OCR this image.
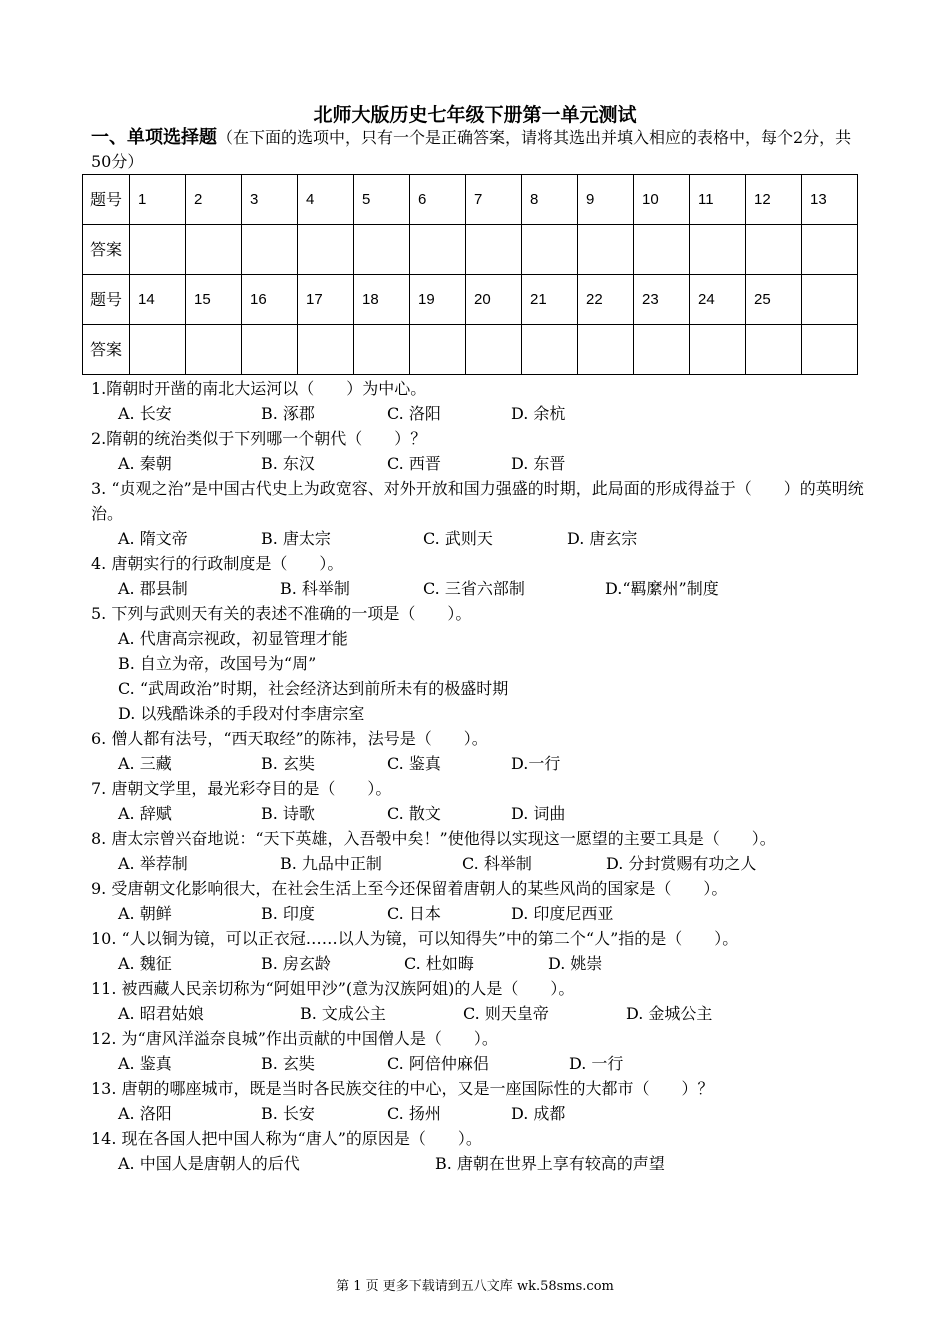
北师大版历史七年级下册第一单元测试
一、单项选择题（在下面的选项中，只有一个是正确答案，请将其选出并填入相应的表格中，每个2分，共50分）
题号	1	2	3	4	5	6	7	8	9	10	11	12	13
答案													
题号	14	15	16	17	18	19	20	21	22	23	24	25	
答案													
1.隋朝时开凿的南北大运河以（　　）为中心。
A. 长安	B. 涿郡	C. 洛阳	D. 余杭
2.隋朝的统治类似于下列哪一个朝代（　　）？
A. 秦朝	B. 东汉	C. 西晋	D. 东晋
3. “贞观之治”是中国古代史上为政宽容、对外开放和国力强盛的时期，此局面的形成得益于（　　）的英明统治。
A. 隋文帝	B. 唐太宗	C. 武则天	D. 唐玄宗
4. 唐朝实行的行政制度是（　　）。
A. 郡县制	B. 科举制	C. 三省六部制	D.“羁縻州”制度
5. 下列与武则天有关的表述不准确的一项是（　　）。
A. 代唐高宗视政，初显管理才能
B. 自立为帝，改国号为“周”
C. “武周政治”时期，社会经济达到前所未有的极盛时期
D. 以残酷诛杀的手段对付李唐宗室
6. 僧人都有法号，“西天取经”的陈祎，法号是（　　）。
A. 三藏	B. 玄奘	C. 鉴真	D.一行
7. 唐朝文学里，最光彩夺目的是（　　）。
A. 辞赋	B. 诗歌	C. 散文	D. 词曲
8. 唐太宗曾兴奋地说：“天下英雄，入吾彀中矣！”使他得以实现这一愿望的主要工具是（　　）。
A. 举荐制	B. 九品中正制	C. 科举制	D. 分封赏赐有功之人
9. 受唐朝文化影响很大，在社会生活上至今还保留着唐朝人的某些风尚的国家是（　　）。
A. 朝鲜	B. 印度	C. 日本	D. 印度尼西亚
10. “人以铜为镜，可以正衣冠……以人为镜，可以知得失”中的第二个“人”指的是（　　）。
A. 魏征	B. 房玄龄	C. 杜如晦	D. 姚崇
11. 被西藏人民亲切称为“阿姐甲沙”(意为汉族阿姐)的人是（　　）。
A. 昭君姑娘	B. 文成公主	C. 则天皇帝	D. 金城公主
12. 为“唐风洋溢奈良城”作出贡献的中国僧人是（　　）。
A. 鉴真	B. 玄奘	C. 阿倍仲麻侣	D. 一行
13. 唐朝的哪座城市，既是当时各民族交往的中心，又是一座国际性的大都市（　　）？
A. 洛阳	B. 长安	C. 扬州	D. 成都
14. 现在各国人把中国人称为“唐人”的原因是（　　）。
A. 中国人是唐朝人的后代	B. 唐朝在世界上享有较高的声望
第 1 页 更多下载请到五八文库 wk.58sms.com
